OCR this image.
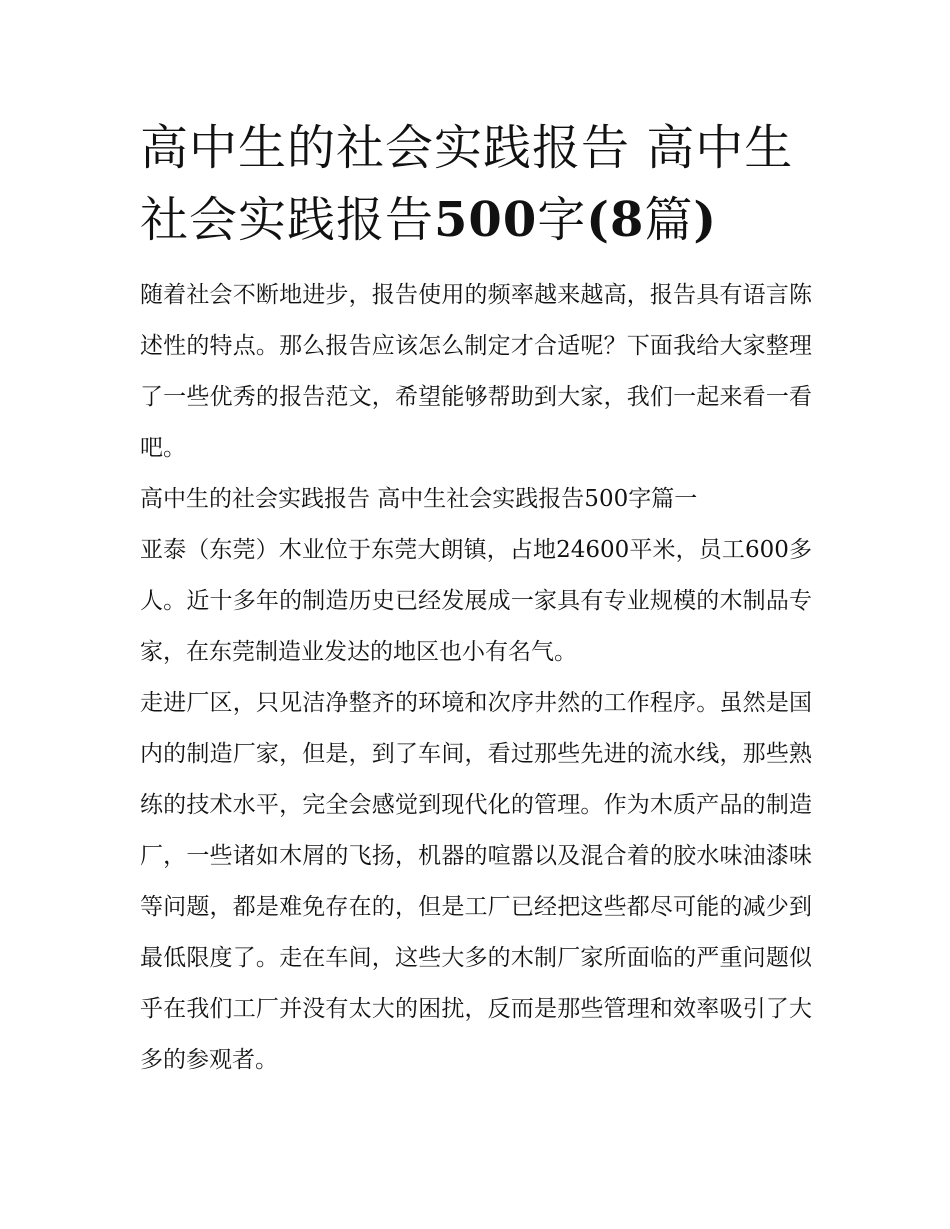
高中生的社会实践报告 高中生社会实践报告500字(8篇)

随着社会不断地进步，报告使用的频率越来越高，报告具有语言陈述性的特点。那么报告应该怎么制定才合适呢？下面我给大家整理了一些优秀的报告范文，希望能够帮助到大家，我们一起来看一看吧。

高中生的社会实践报告 高中生社会实践报告500字篇一

亚泰（东莞）木业位于东莞大朗镇，占地24600平米，员工600多人。近十多年的制造历史已经发展成一家具有专业规模的木制品专家，在东莞制造业发达的地区也小有名气。

走进厂区，只见洁净整齐的环境和次序井然的工作程序。虽然是国内的制造厂家，但是，到了车间，看过那些先进的流水线，那些熟练的技术水平，完全会感觉到现代化的管理。作为木质产品的制造厂，一些诸如木屑的飞扬，机器的喧嚣以及混合着的胶水味油漆味等问题，都是难免存在的，但是工厂已经把这些都尽可能的减少到最低限度了。走在车间，这些大多的木制厂家所面临的严重问题似乎在我们工厂并没有太大的困扰，反而是那些管理和效率吸引了大多的参观者。
